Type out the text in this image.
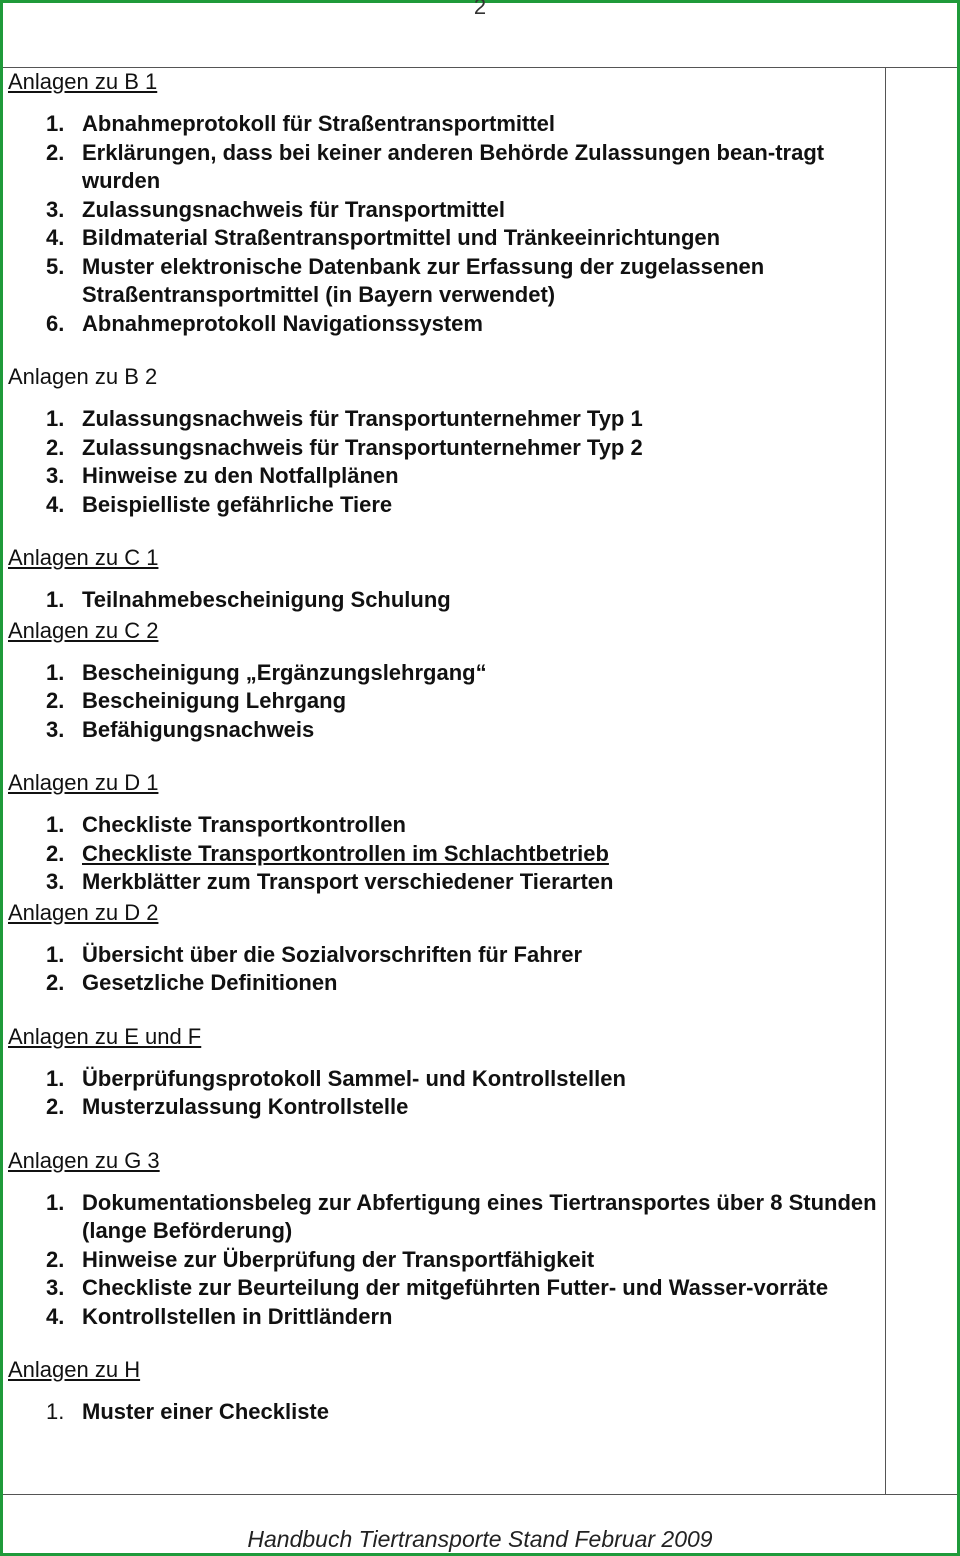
2
Anlagen zu B 1
1. Abnahmeprotokoll für Straßentransportmittel
2. Erklärungen, dass bei keiner anderen Behörde Zulassungen bean-tragt wurden
3. Zulassungsnachweis für Transportmittel
4. Bildmaterial Straßentransportmittel und Tränkeeinrichtungen
5. Muster elektronische Datenbank zur Erfassung der zugelassenen Straßentransportmittel (in Bayern verwendet)
6. Abnahmeprotokoll Navigationssystem
Anlagen zu B 2
1. Zulassungsnachweis für Transportunternehmer Typ 1
2. Zulassungsnachweis für Transportunternehmer Typ 2
3. Hinweise zu den Notfallplänen
4. Beispielliste gefährliche Tiere
Anlagen zu C 1
1. Teilnahmebescheinigung Schulung
Anlagen zu C 2
1. Bescheinigung „Ergänzungslehrgang“
2. Bescheinigung Lehrgang
3. Befähigungsnachweis
Anlagen zu D 1
1. Checkliste Transportkontrollen
2. Checkliste Transportkontrollen im Schlachtbetrieb
3. Merkblätter zum Transport verschiedener Tierarten
Anlagen zu D 2
1. Übersicht über die Sozialvorschriften für Fahrer
2. Gesetzliche Definitionen
Anlagen zu E und F
1. Überprüfungsprotokoll Sammel- und Kontrollstellen
2. Musterzulassung Kontrollstelle
Anlagen zu G 3
1. Dokumentationsbeleg zur Abfertigung eines Tiertransportes über 8 Stunden (lange Beförderung)
2. Hinweise zur Überprüfung der Transportfähigkeit
3. Checkliste zur Beurteilung der mitgeführten Futter- und Wasser-vorräte
4. Kontrollstellen in Drittländern
Anlagen zu H
1. Muster einer Checkliste
Handbuch Tiertransporte Stand Februar 2009
